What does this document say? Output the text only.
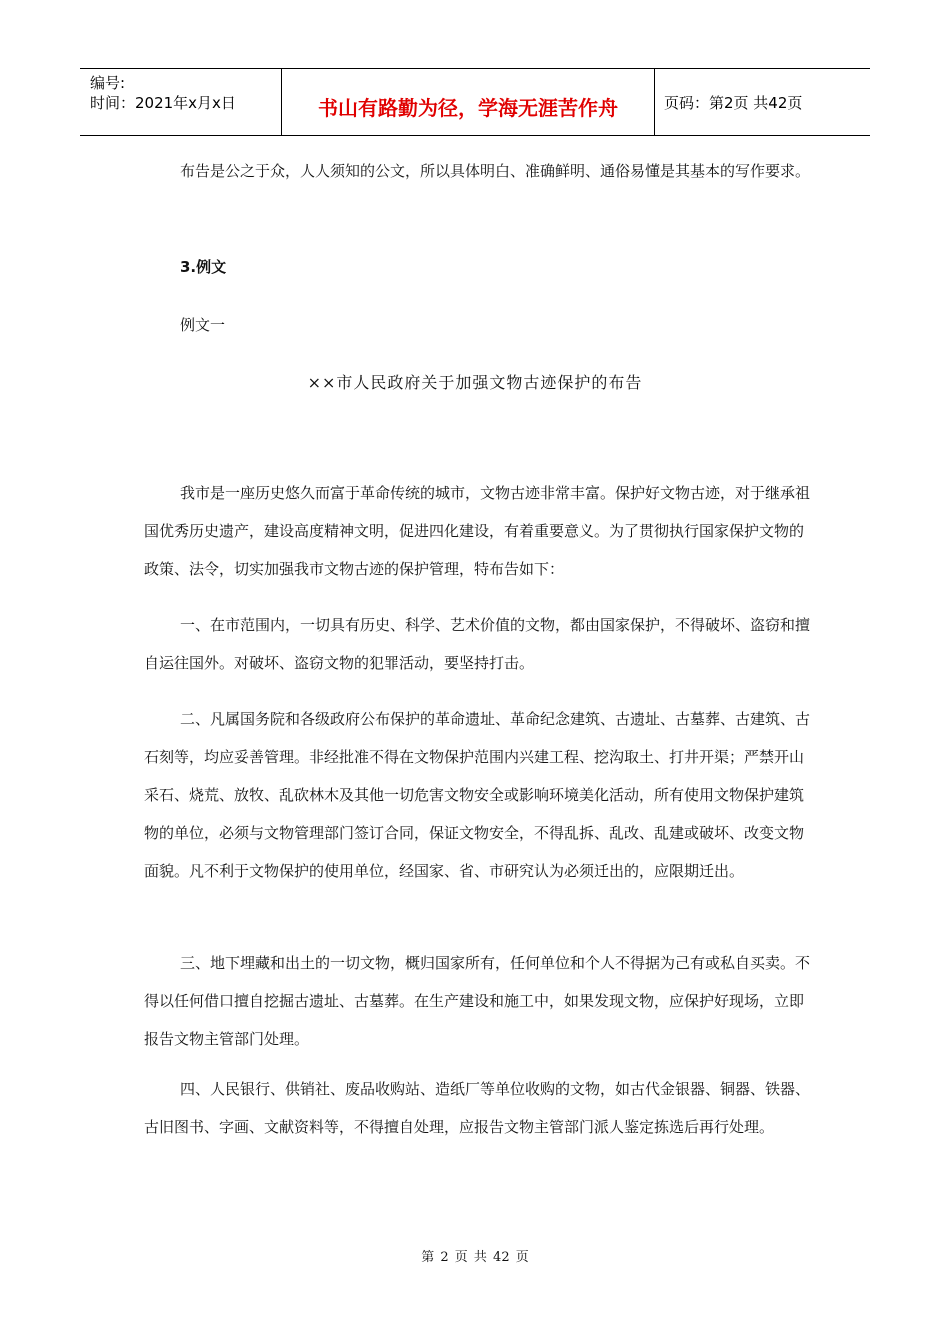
编号:
时间：2021年x月x日	书山有路勤为径，学海无涯苦作舟	页码：第2页 共42页

布告是公之于众，人人须知的公文，所以具体明白、准确鲜明、通俗易懂是其基本的写作要求。

3.例文
例文一
××市人民政府关于加强文物古迹保护的布告

我市是一座历史悠久而富于革命传统的城市，文物古迹非常丰富。保护好文物古迹，对于继承祖国优秀历史遗产，建设高度精神文明，促进四化建设，有着重要意义。为了贯彻执行国家保护文物的政策、法令，切实加强我市文物古迹的保护管理，特布告如下：

一、在市范围内，一切具有历史、科学、艺术价值的文物，都由国家保护，不得破坏、盗窃和擅自运往国外。对破坏、盗窃文物的犯罪活动，要坚持打击。

二、凡属国务院和各级政府公布保护的革命遗址、革命纪念建筑、古遗址、古墓葬、古建筑、古石刻等，均应妥善管理。非经批准不得在文物保护范围内兴建工程、挖沟取土、打井开渠；严禁开山采石、烧荒、放牧、乱砍林木及其他一切危害文物安全或影响环境美化活动，所有使用文物保护建筑物的单位，必须与文物管理部门签订合同，保证文物安全，不得乱拆、乱改、乱建或破坏、改变文物面貌。凡不利于文物保护的使用单位，经国家、省、市研究认为必须迁出的，应限期迁出。

三、地下埋藏和出土的一切文物，概归国家所有，任何单位和个人不得据为己有或私自买卖。不得以任何借口擅自挖掘古遗址、古墓葬。在生产建设和施工中，如果发现文物，应保护好现场，立即报告文物主管部门处理。

四、人民银行、供销社、废品收购站、造纸厂等单位收购的文物，如古代金银器、铜器、铁器、古旧图书、字画、文献资料等，不得擅自处理，应报告文物主管部门派人鉴定拣选后再行处理。

第 2 页 共 42 页
